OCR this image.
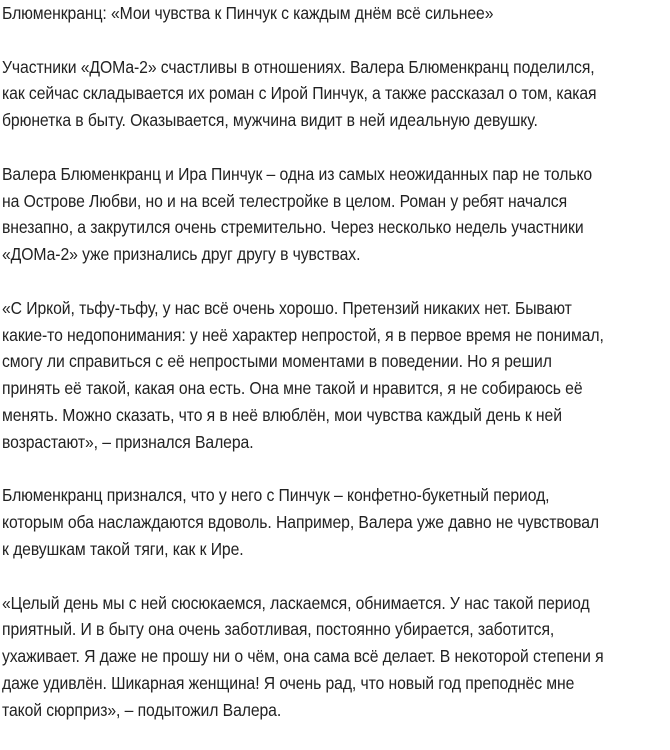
Блюменкранц: «Мои чувства к Пинчук с каждым днём всё сильнее»

Участники «ДОМа-2» счастливы в отношениях. Валера Блюменкранц поделился,
как сейчас складывается их роман с Ирой Пинчук, а также рассказал о том, какая
брюнетка в быту. Оказывается, мужчина видит в ней идеальную девушку.

Валера Блюменкранц и Ира Пинчук – одна из самых неожиданных пар не только
на Острове Любви, но и на всей телестройке в целом. Роман у ребят начался
внезапно, а закрутился очень стремительно. Через несколько недель участники
«ДОМа-2» уже признались друг другу в чувствах.

«С Иркой, тьфу-тьфу, у нас всё очень хорошо. Претензий никаких нет. Бывают
какие-то недопонимания: у неё характер непростой, я в первое время не понимал,
смогу ли справиться с её непростыми моментами в поведении. Но я решил
принять её такой, какая она есть. Она мне такой и нравится, я не собираюсь её
менять. Можно сказать, что я в неё влюблён, мои чувства каждый день к ней
возрастают», – признался Валера.

Блюменкранц признался, что у него с Пинчук – конфетно-букетный период,
которым оба наслаждаются вдоволь. Например, Валера уже давно не чувствовал
к девушкам такой тяги, как к Ире.

«Целый день мы с ней сюсюкаемся, ласкаемся, обнимается. У нас такой период
приятный. И в быту она очень заботливая, постоянно убирается, заботится,
ухаживает. Я даже не прошу ни о чём, она сама всё делает. В некоторой степени я
даже удивлён. Шикарная женщина! Я очень рад, что новый год преподнёс мне
такой сюрприз», – подытожил Валера.
